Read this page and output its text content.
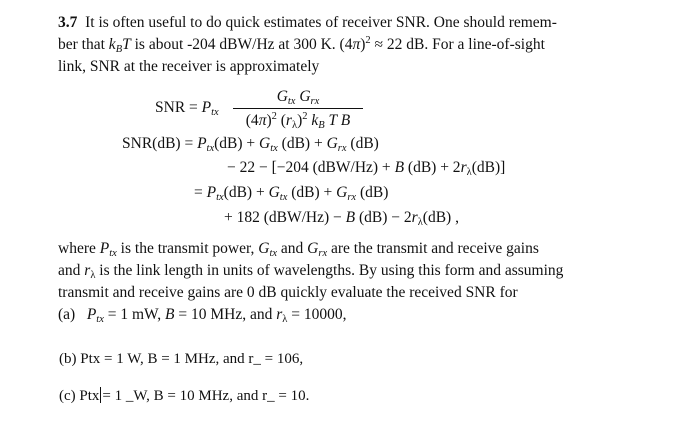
3.7 It is often useful to do quick estimates of receiver SNR. One should remem-
ber that $k_BT$ is about -204 dBW/Hz at 300 K. $(4\pi)^2 \approx 22$ dB. For a line-of-sight
link, SNR at the receiver is approximately
SNR = $P_{tx}$
$G_{tx}$ $G_{rx}$
$(4\pi)^2$ $(r_\lambda)^2$ $k_B$ T B
$SNR(dB) = P_{tx}(dB) + G_{tx}$ $(dB) + G_{rx}$ (dB)
− 22 − [−204 (dBW/Hz) + B $(dB) + 2r_\lambda(dB)$]
= $P_{tx}(dB) + G_{tx}$ $(dB) + G_{rx}$ (dB)
+ 182 (dBW/Hz) − B $(dB) - 2r_\lambda(dB)$ ,
where $P_{tx}$ is the transmit power, $G_{tx}$ and $G_{rx}$ are the transmit and receive gains
and $r_\lambda$ is the link length in units of wavelengths. By using this form and assuming
transmit and receive gains are 0 dB quickly evaluate the received SNR for
(a) $P_{tx} = 1$ mW, B = 10 MHz, and $r_\lambda = 10000$,
(b) Ptx = 1 W, B = 1 MHz, and r_ = 106,
(c) Ptx = 1 _W, B = 10 MHz, and r_ = 10.
